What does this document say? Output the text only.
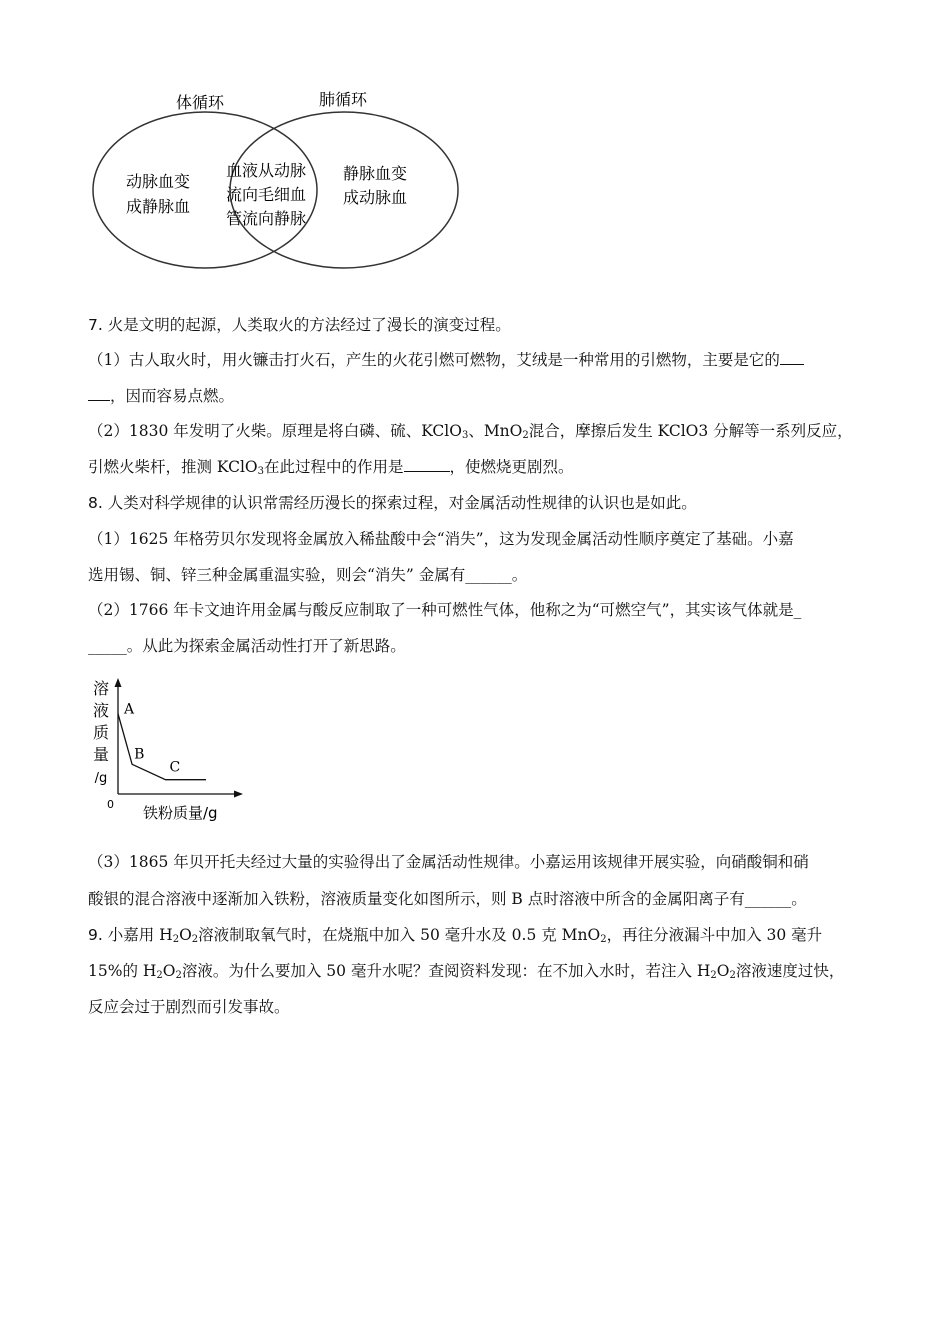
体循环	肺循环
动脉血变
成静脉血
血液从动脉
流向毛细血
管流向静脉
静脉血变
成动脉血
7. 火是文明的起源，人类取火的方法经过了漫长的演变过程。
（1）古人取火时，用火镰击打火石，产生的火花引燃可燃物，艾绒是一种常用的引燃物，主要是它的
，因而容易点燃。
（2）1830 年发明了火柴。原理是将白磷、硫、KClO$_3$、MnO$_2$混合，摩擦后发生 KClO3 分解等一系列反应，
引燃火柴杆，推测 KClO$_3$在此过程中的作用是	，使燃烧更剧烈。
8. 人类对科学规律的认识常需经历漫长的探索过程，对金属活动性规律的认识也是如此。
（1）1625 年格劳贝尔发现将金属放入稀盐酸中会“消失”，这为发现金属活动性顺序奠定了基础。小嘉
选用锡、铜、锌三种金属重温实验，则会“消失” 金属有______。
（2）1766 年卡文迪许用金属与酸反应制取了一种可燃性气体，他称之为“可燃空气”，其实该气体就是_
_____。从此为探索金属活动性打开了新思路。
溶
液
质
量
/g
0 铁粉质量/g
A
B
C
（3）1865 年贝开托夫经过大量的实验得出了金属活动性规律。小嘉运用该规律开展实验，向硝酸铜和硝
酸银的混合溶液中逐渐加入铁粉，溶液质量变化如图所示，则 B 点时溶液中所含的金属阳离子有______。
9. 小嘉用 $H_2O_2$溶液制取氧气时，在烧瓶中加入 50 毫升水及 0.5 克 MnO$_2$，再往分液漏斗中加入 30 毫升
15%的 $H_2O_2$溶液。为什么要加入 50 毫升水呢？查阅资料发现：在不加入水时，若注入 $H_2O_2$溶液速度过快，
反应会过于剧烈而引发事故。
